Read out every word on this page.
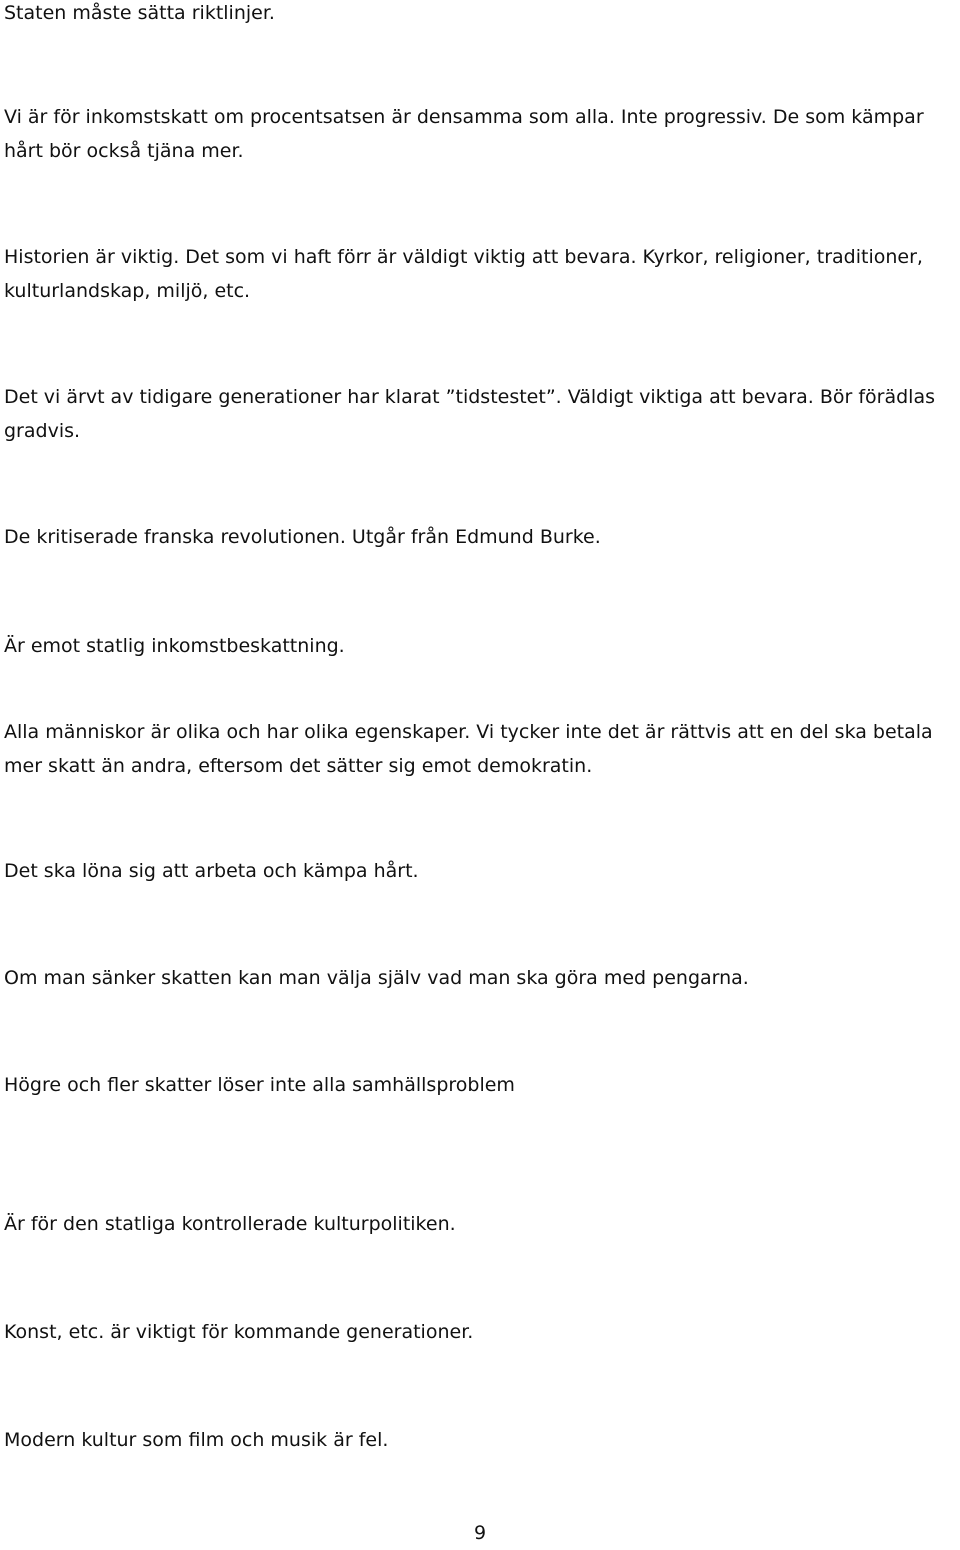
Staten måste sätta riktlinjer.

Vi är för inkomstskatt om procentsatsen är densamma som alla. Inte progressiv. De som kämpar hårt bör också tjäna mer.

Historien är viktig. Det som vi haft förr är väldigt viktig att bevara. Kyrkor, religioner, traditioner, kulturlandskap, miljö, etc.

Det vi ärvt av tidigare generationer har klarat ”tidstestet”. Väldigt viktiga att bevara. Bör förädlas gradvis.

De kritiserade franska revolutionen. Utgår från Edmund Burke.

Är emot statlig inkomstbeskattning.

Alla människor är olika och har olika egenskaper. Vi tycker inte det är rättvis att en del ska betala mer skatt än andra, eftersom det sätter sig emot demokratin.

Det ska löna sig att arbeta och kämpa hårt.

Om man sänker skatten kan man välja själv vad man ska göra med pengarna.

Högre och fler skatter löser inte alla samhällsproblem

Är för den statliga kontrollerade kulturpolitiken.

Konst, etc. är viktigt för kommande generationer.

Modern kultur som film och musik är fel.

9
